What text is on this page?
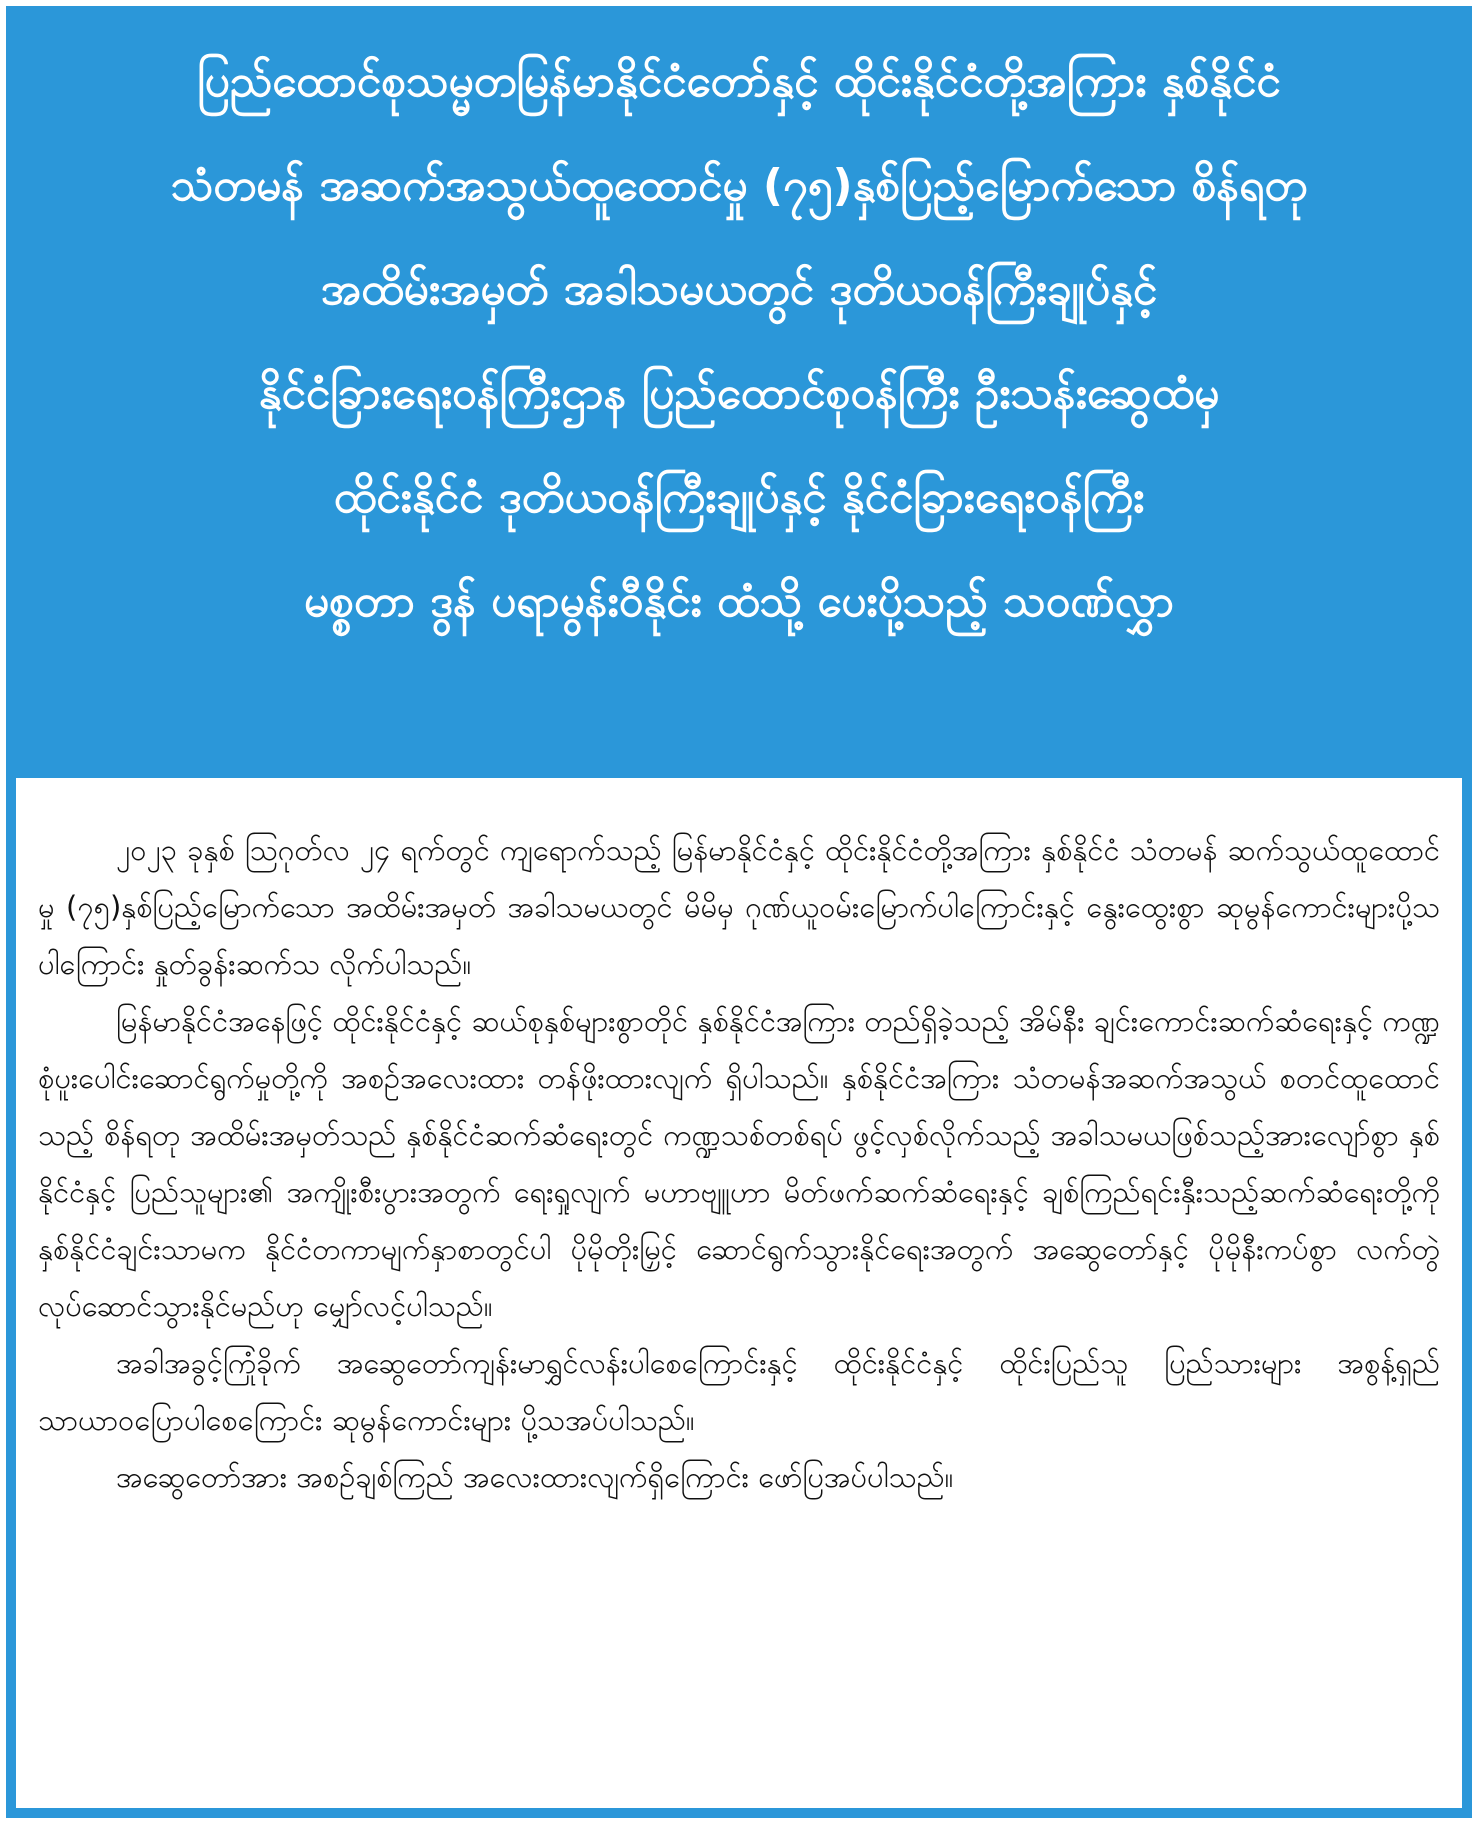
ပြည်ထောင်စုသမ္မတမြန်မာနိုင်ငံတော်နှင့် ထိုင်းနိုင်ငံတို့အကြား နှစ်နိုင်ငံ
သံတမန် အဆက်အသွယ်ထူထောင်မှု (၇၅)နှစ်ပြည့်မြောက်သော စိန်ရတု
အထိမ်းအမှတ် အခါသမယတွင် ဒုတိယဝန်ကြီးချုပ်နှင့်
နိုင်ငံခြားရေးဝန်ကြီးဌာန ပြည်ထောင်စုဝန်ကြီး ဦးသန်းဆွေထံမှ
ထိုင်းနိုင်ငံ ဒုတိယဝန်ကြီးချုပ်နှင့် နိုင်ငံခြားရေးဝန်ကြီး
မစ္စတာ ဒွန် ပရာမွန်းဝီနိုင်း ထံသို့ ပေးပို့သည့် သဝဏ်လွှာ

၂၀၂၃ ခုနှစ် ဩဂုတ်လ ၂၄ ရက်တွင် ကျရောက်သည့် မြန်မာနိုင်ငံနှင့် ထိုင်းနိုင်ငံတို့အကြား နှစ်နိုင်ငံ သံတမန် ဆက်သွယ်ထူထောင်မှု (၇၅)နှစ်ပြည့်မြောက်သော အထိမ်းအမှတ် အခါသမယတွင် မိမိမှ ဂုဏ်ယူဝမ်းမြောက်ပါကြောင်းနှင့် နွေးထွေးစွာ ဆုမွန်ကောင်းများပို့သပါကြောင်း နှုတ်ခွန်းဆက်သ လိုက်ပါသည်။

မြန်မာနိုင်ငံအနေဖြင့် ထိုင်းနိုင်ငံနှင့် ဆယ်စုနှစ်များစွာတိုင် နှစ်နိုင်ငံအကြား တည်ရှိခဲ့သည့် အိမ်နီး ချင်းကောင်းဆက်ဆံရေးနှင့် ကဏ္ဍစုံပူးပေါင်းဆောင်ရွက်မှုတို့ကို အစဉ်အလေးထား တန်ဖိုးထားလျက် ရှိပါသည်။ နှစ်နိုင်ငံအကြား သံတမန်အဆက်အသွယ် စတင်ထူထောင်သည့် စိန်ရတု အထိမ်းအမှတ်သည် နှစ်နိုင်ငံဆက်ဆံရေးတွင် ကဏ္ဍသစ်တစ်ရပ် ဖွင့်လှစ်လိုက်သည့် အခါသမယဖြစ်သည့်အားလျော်စွာ နှစ်နိုင်ငံနှင့် ပြည်သူများ၏ အကျိုးစီးပွားအတွက် ရေးရှုလျက် မဟာဗျူဟာ မိတ်ဖက်ဆက်ဆံရေးနှင့် ချစ်ကြည်ရင်းနှီးသည့်ဆက်ဆံရေးတို့ကို နှစ်နိုင်ငံချင်းသာမက နိုင်ငံတကာမျက်နှာစာတွင်ပါ ပိုမိုတိုးမြှင့် ဆောင်ရွက်သွားနိုင်ရေးအတွက် အဆွေတော်နှင့် ပိုမိုနီးကပ်စွာ လက်တွဲလုပ်ဆောင်သွားနိုင်မည်ဟု မျှော်လင့်ပါသည်။

အခါအခွင့်ကြုံခိုက် အဆွေတော်ကျန်းမာရွှင်လန်းပါစေကြောင်းနှင့် ထိုင်းနိုင်ငံနှင့် ထိုင်းပြည်သူ ပြည်သားများ အစွန့်ရှည်သာယာဝပြောပါစေကြောင်း ဆုမွန်ကောင်းများ ပို့သအပ်ပါသည်။

အဆွေတော်အား အစဉ်ချစ်ကြည် အလေးထားလျက်ရှိကြောင်း ဖော်ပြအပ်ပါသည်။
